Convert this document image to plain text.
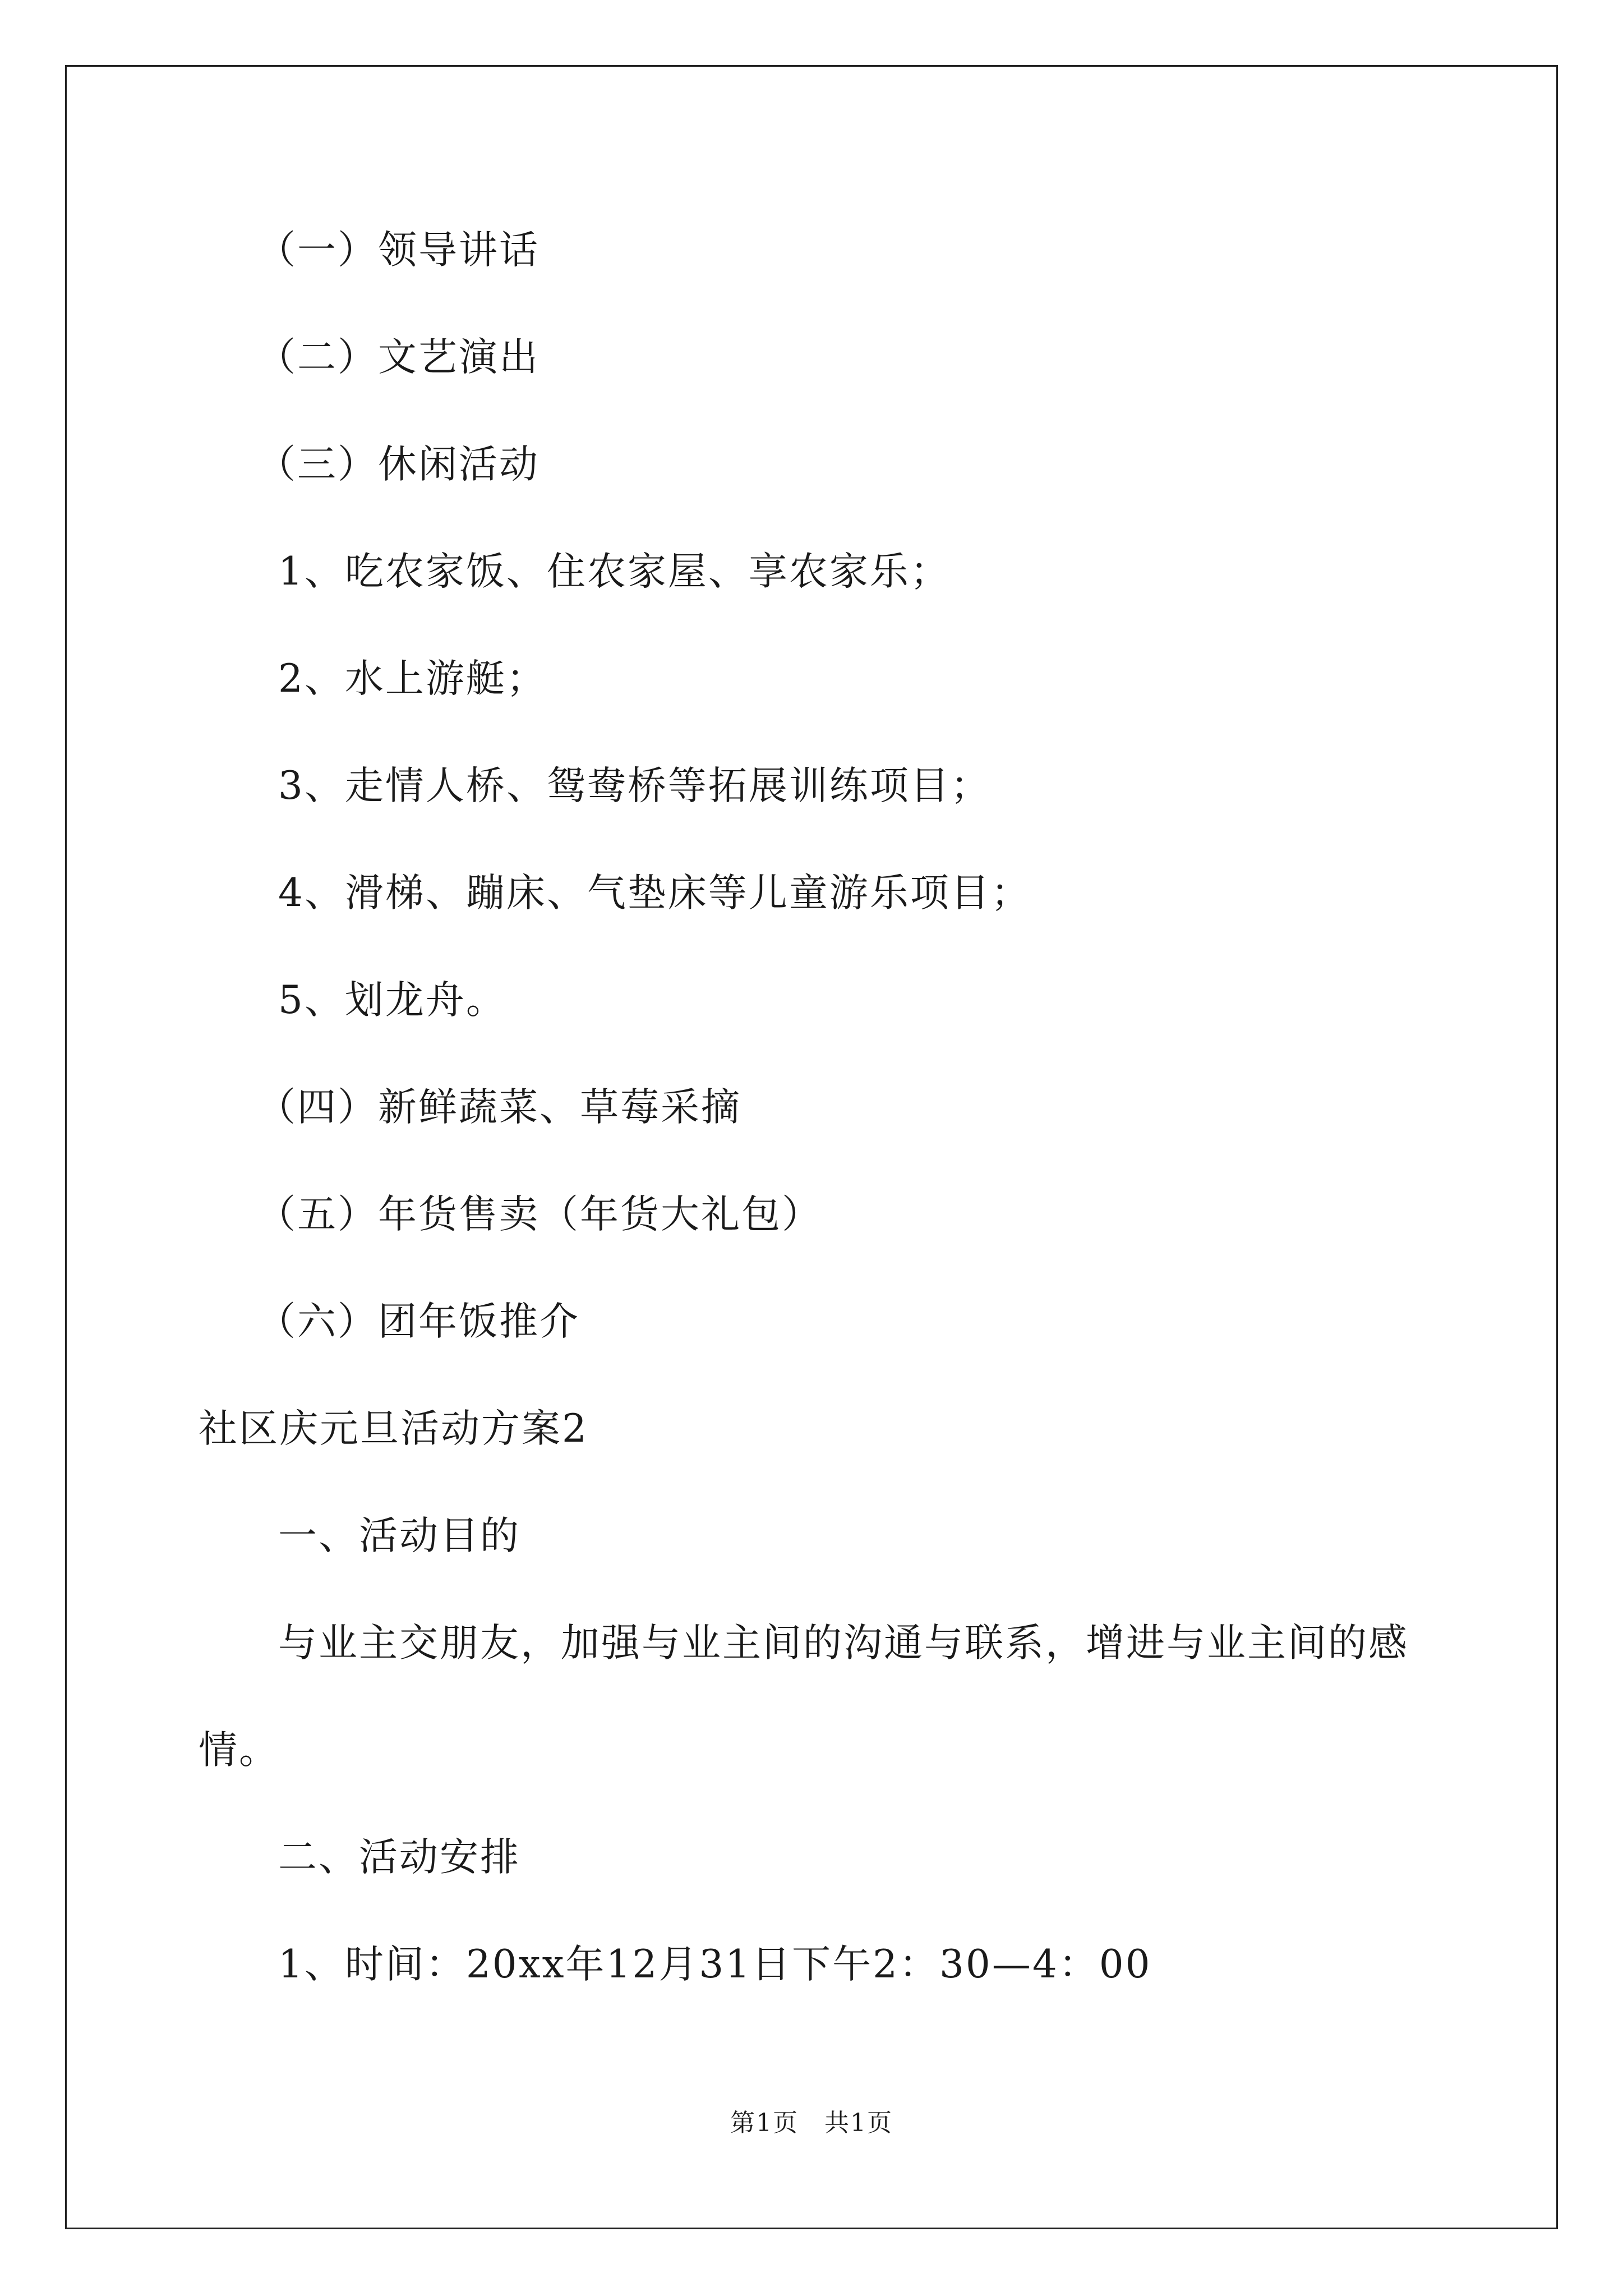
（一）领导讲话
（二）文艺演出
（三）休闲活动
1、吃农家饭、住农家屋、享农家乐；
2、水上游艇；
3、走情人桥、鸳鸯桥等拓展训练项目；
4、滑梯、蹦床、气垫床等儿童游乐项目；
5、划龙舟。
（四）新鲜蔬菜、草莓采摘
（五）年货售卖（年货大礼包）
（六）团年饭推介
社区庆元旦活动方案2
一、活动目的
与业主交朋友，加强与业主间的沟通与联系，增进与业主间的感
情。
二、活动安排
1、时间：20xx年12月31日下午2：30—4：00
第1页　共1页
